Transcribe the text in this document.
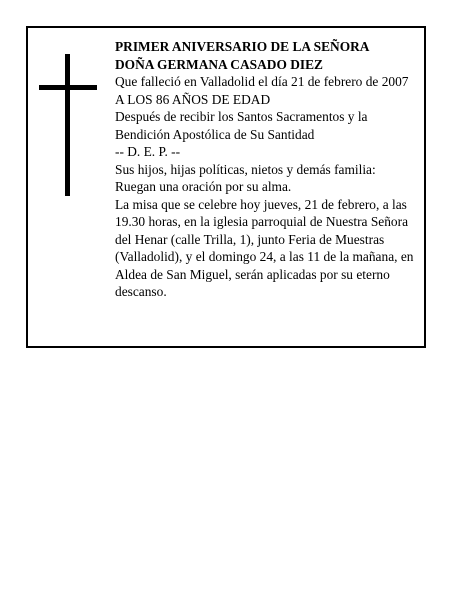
PRIMER ANIVERSARIO DE LA SEÑORA

DOÑA GERMANA CASADO DIEZ

Que falleció en Valladolid el día 21 de febrero de 2007

A LOS 86 AÑOS DE EDAD

Después de recibir los Santos Sacramentos y la Bendición Apostólica de Su Santidad

-- D. E. P. --

Sus hijos, hijas políticas, nietos y demás familia:

Ruegan una oración por su alma.

La misa que se celebre hoy jueves, 21 de febrero, a las 19.30 horas, en la iglesia parroquial de Nuestra Señora del Henar (calle Trilla, 1), junto Feria de Muestras (Valladolid), y el domingo 24, a las 11 de la mañana, en Aldea de San Miguel, serán aplicadas por su eterno descanso.
